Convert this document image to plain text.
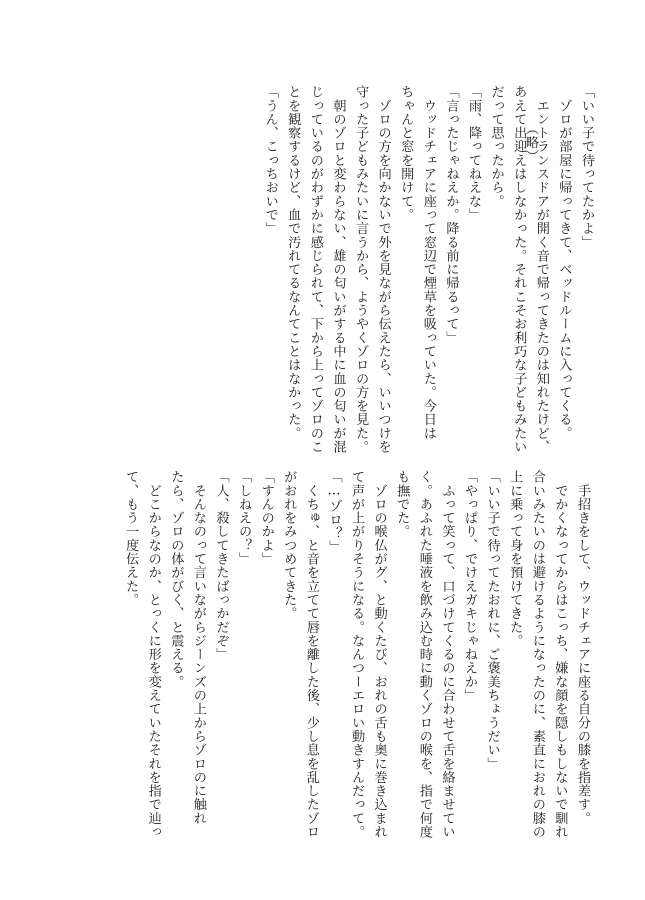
（略）	「いい子で待ってたかよ」

　ゾロが部屋に帰ってきて、ベッドルームに入ってくる。

　エントランスドアが開く音で帰ってきたのは知れたけど、

あえて出迎えはしなかった。それこそお利巧な子どもみたい

だって思ったから。

「雨、降ってねえな」

「言ったじゃねえか。降る前に帰るって」

　ウッドチェアに座って窓辺で煙草を吸っていた。今日は

ちゃんと窓を開けて。

　ゾロの方を向かないで外を見ながら伝えたら、いいつけを

守った子どもみたいに言うから、ようやくゾロの方を見た。

　朝のゾロと変わらない、雄の匂いがする中に血の匂いが混

じっているのがわずかに感じられて、下から上ってゾロのこ

とを観察するけど、血で汚れてるなんてことはなかった。

「うん、こっちおいで」

　手招きをして、ウッドチェアに座る自分の膝を指差す。

　でかくなってからはこっち、嫌な顔を隠しもしないで馴れ

合いみたいのは避けるようになったのに、素直におれの膝の

上に乗って身を預けてきた。

「いい子で待ってたおれに、ご褒美ちょうだい」

「やっぱり、でけえガキじゃねえか」

　ふって笑って、口づけてくるのに合わせて舌を絡ませてい

く。あふれた唾液を飲み込む時に動くゾロの喉を、指で何度

も撫でた。

　ゾロの喉仏がグ、と動くたび、おれの舌も奥に巻き込まれ

て声が上がりそうになる。なんつーエロい動きすんだって。

「…ゾロ？」

　くちゅ、と音を立てて唇を離した後、少し息を乱したゾロ

がおれをみつめてきた。

「すんのかよ」

「しねえの？」

「人、殺してきたばっかだぞ」

　そんなのって言いながらジーンズの上からゾロのに触れ

たら、ゾロの体がびく、と震える。

　どこからなのか、とっくに形を変えていたそれを指で辿っ

て、もう一度伝えた。
